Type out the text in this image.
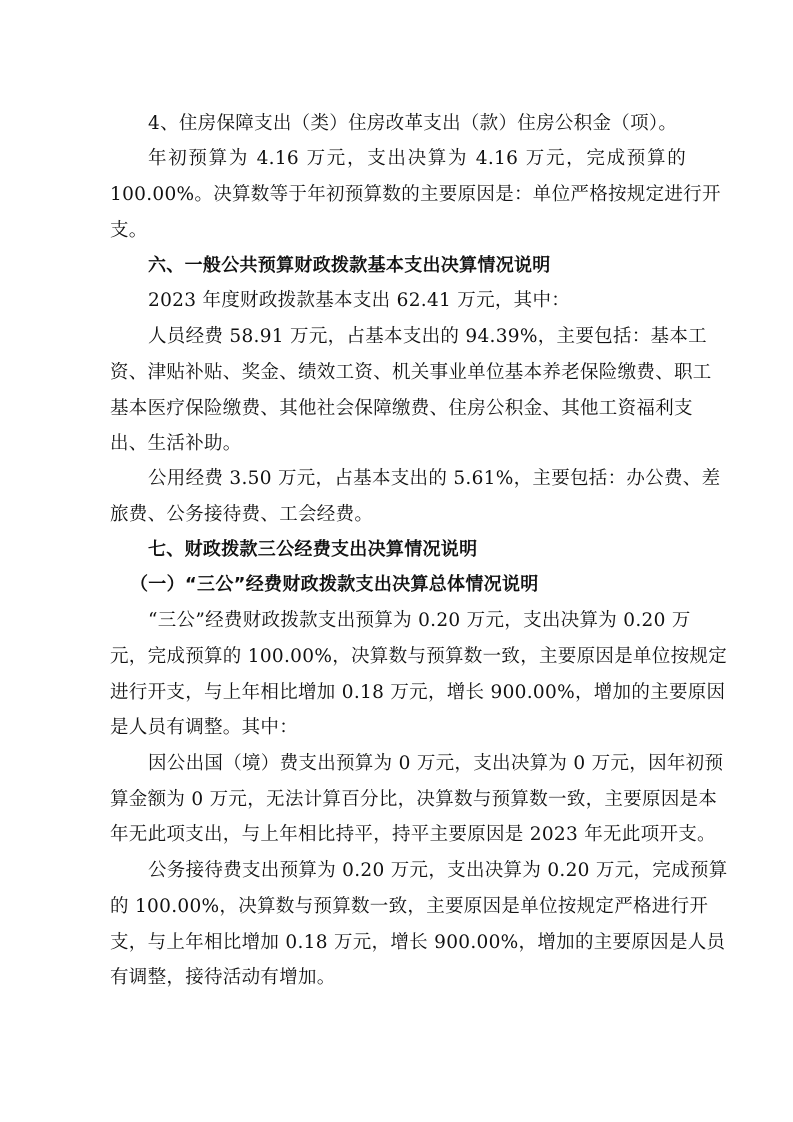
4、住房保障支出（类）住房改革支出（款）住房公积金（项）。
年初预算为 4.16 万元，支出决算为 4.16 万元，完成预算的
100.00%。决算数等于年初预算数的主要原因是：单位严格按规定进行开
支。
六、一般公共预算财政拨款基本支出决算情况说明
2023 年度财政拨款基本支出 62.41 万元，其中：
人员经费 58.91 万元，占基本支出的 94.39%，主要包括：基本工
资、津贴补贴、奖金、绩效工资、机关事业单位基本养老保险缴费、职工
基本医疗保险缴费、其他社会保障缴费、住房公积金、其他工资福利支
出、生活补助。
公用经费 3.50 万元，占基本支出的 5.61%，主要包括：办公费、差
旅费、公务接待费、工会经费。
七、财政拨款三公经费支出决算情况说明
（一）“三公”经费财政拨款支出决算总体情况说明
“三公”经费财政拨款支出预算为 0.20 万元，支出决算为 0.20 万
元，完成预算的 100.00%，决算数与预算数一致，主要原因是单位按规定
进行开支，与上年相比增加 0.18 万元，增长 900.00%，增加的主要原因
是人员有调整。其中：
因公出国（境）费支出预算为 0 万元，支出决算为 0 万元，因年初预
算金额为 0 万元，无法计算百分比，决算数与预算数一致，主要原因是本
年无此项支出，与上年相比持平，持平主要原因是 2023 年无此项开支。
公务接待费支出预算为 0.20 万元，支出决算为 0.20 万元，完成预算
的 100.00%，决算数与预算数一致，主要原因是单位按规定严格进行开
支，与上年相比增加 0.18 万元，增长 900.00%，增加的主要原因是人员
有调整，接待活动有增加。
